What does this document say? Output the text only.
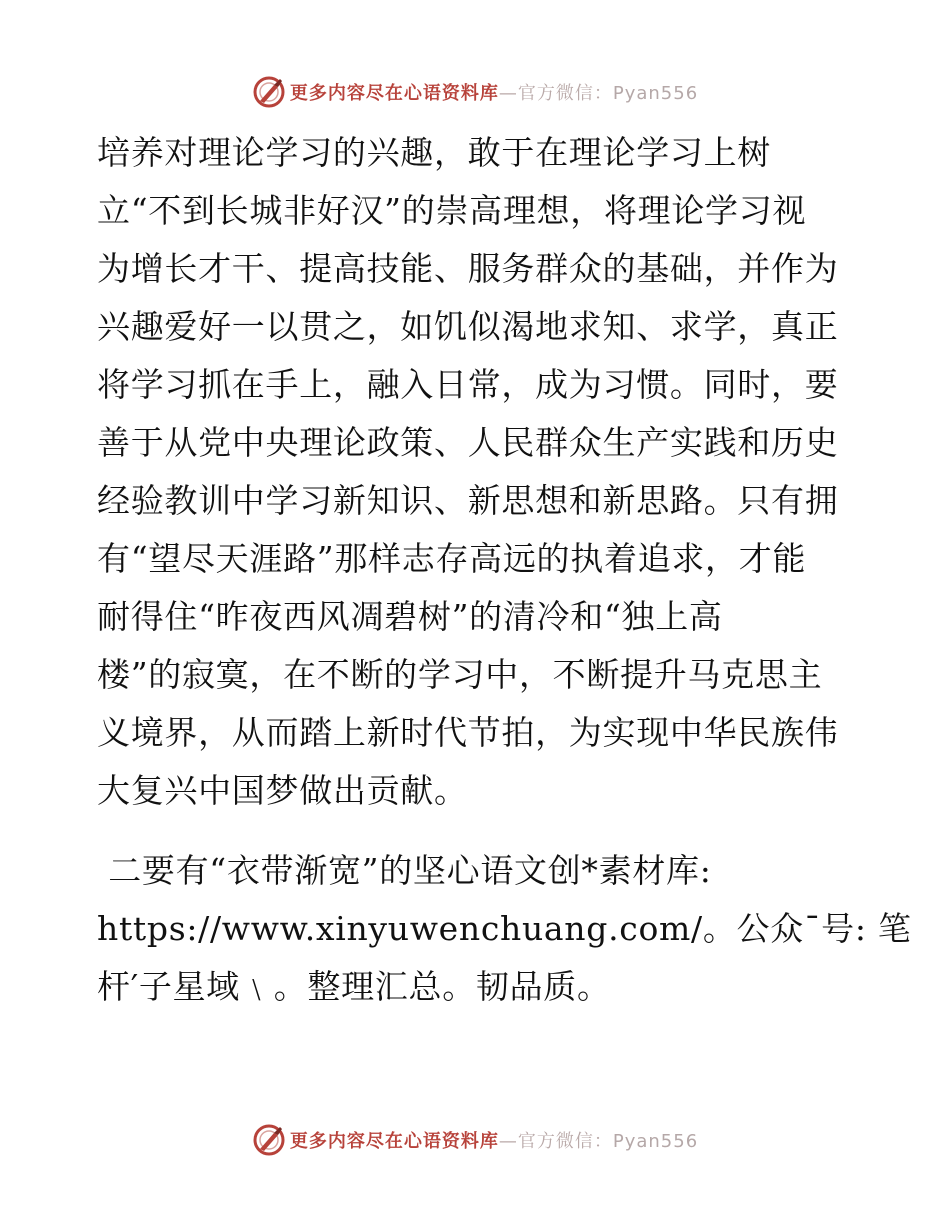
更多内容尽在心语资料库—官方微信：Pyan556
培养对理论学习的兴趣，敢于在理论学习上树
立“不到长城非好汉”的崇高理想，将理论学习视
为增长才干、提高技能、服务群众的基础，并作为
兴趣爱好一以贯之，如饥似渴地求知、求学，真正
将学习抓在手上，融入日常，成为习惯。同时，要
善于从党中央理论政策、人民群众生产实践和历史
经验教训中学习新知识、新思想和新思路。只有拥
有“望尽天涯路”那样志存高远的执着追求，才能
耐得住“昨夜西风凋碧树”的清冷和“独上高
楼”的寂寞，在不断的学习中，不断提升马克思主
义境界，从而踏上新时代节拍，为实现中华民族伟
大复兴中国梦做出贡献。
二要有“衣带渐宽”的坚心语文创*素材库:
https://www.xinyuwenchuang.com/。公众¯号: 笔
杆′子星域﹨。整理汇总。韧品质。
更多内容尽在心语资料库—官方微信：Pyan556
